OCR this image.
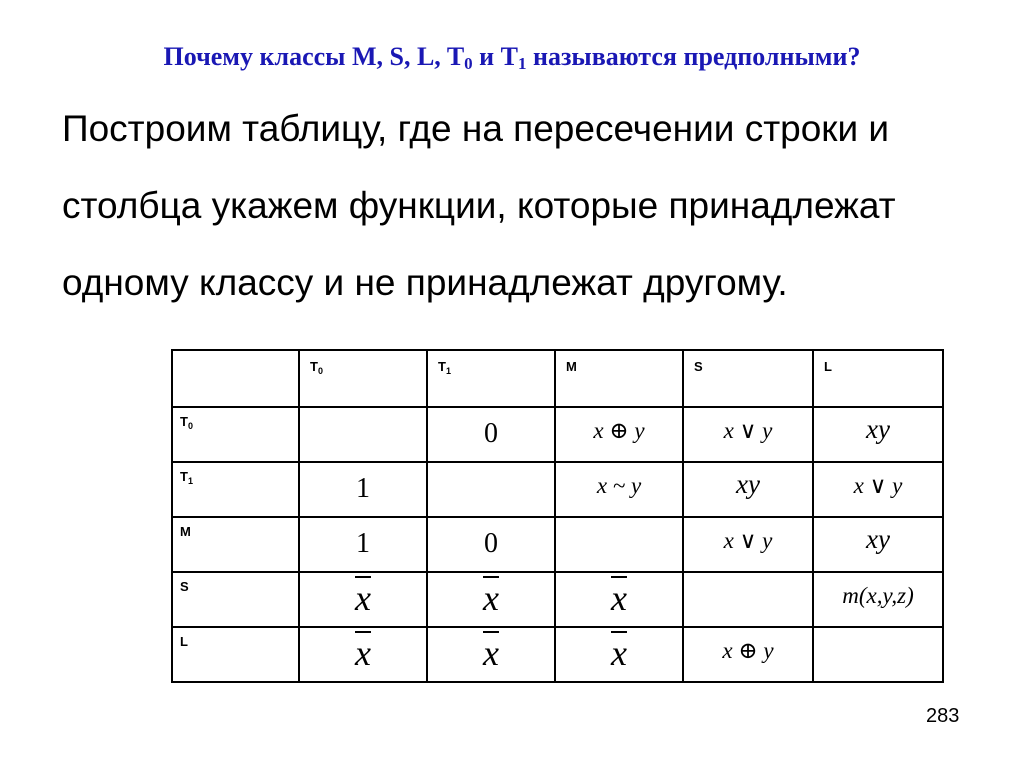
Почему классы M, S, L, $T_0$ и $T_1$ называются предполными?
Построим таблицу, где на пересечении строки и
столбца укажем функции, которые принадлежат
одному классу и не принадлежат другому.

	$T_0$	$T_1$	M	S	L

$T_0$		0	x ⊕ y	x ∨ y	xy

$T_1$	1		x ~ y	xy	x ∨ y

M	1	0		x ∨ y	xy

S	$\overline{x}$	$\overline{x}$	$\overline{x}$		m(x,y,z)

L	$\overline{x}$	$\overline{x}$	$\overline{x}$	x ⊕ y	

283
